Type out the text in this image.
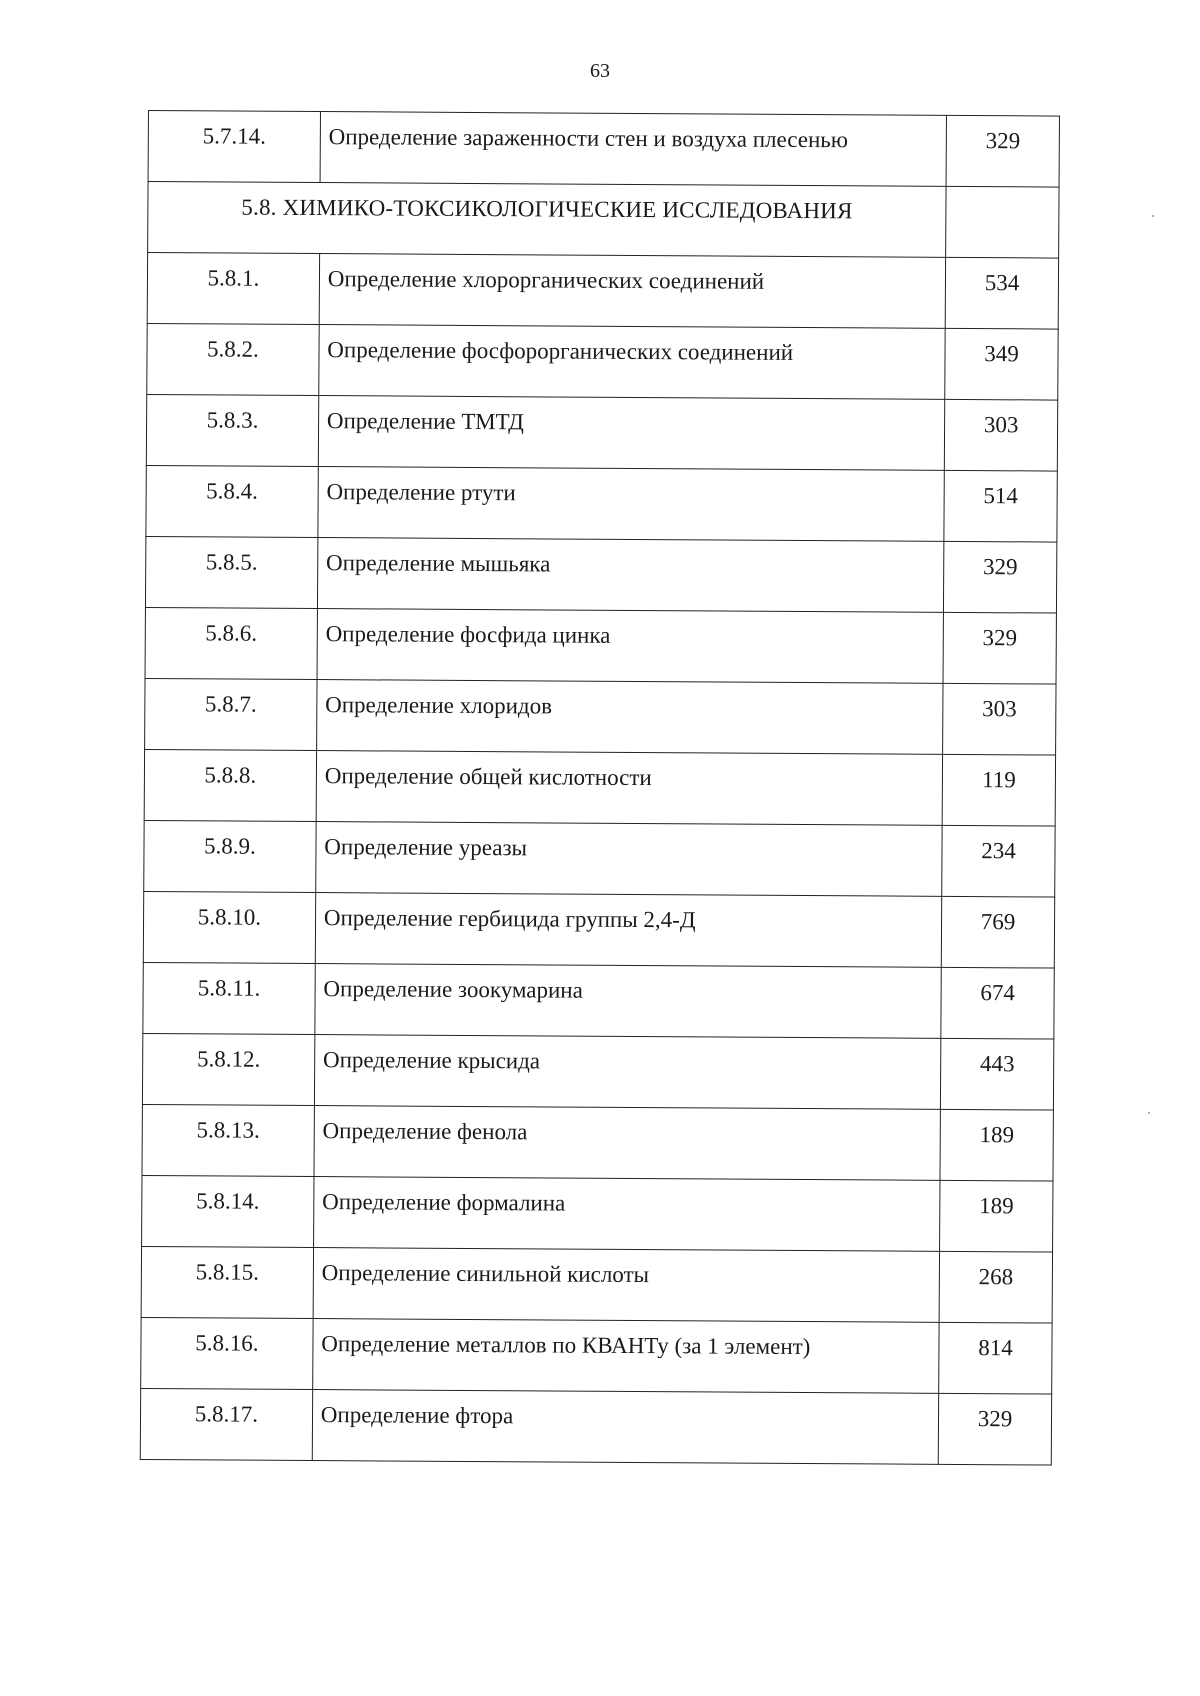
63
5.7.14.	Определение зараженности стен и воздуха плесенью	329
5.8. ХИМИКО-ТОКСИКОЛОГИЧЕСКИЕ ИССЛЕДОВАНИЯ		
5.8.1.	Определение хлорорганических соединений	534
5.8.2.	Определение фосфорорганических соединений	349
5.8.3.	Определение ТМТД	303
5.8.4.	Определение ртути	514
5.8.5.	Определение мышьяка	329
5.8.6.	Определение фосфида цинка	329
5.8.7.	Определение хлоридов	303
5.8.8.	Определение общей кислотности	119
5.8.9.	Определение уреазы	234
5.8.10.	Определение гербицида группы 2,4-Д	769
5.8.11.	Определение зоокумарина	674
5.8.12.	Определение крысида	443
5.8.13.	Определение фенола	189
5.8.14.	Определение формалина	189
5.8.15.	Определение синильной кислоты	268
5.8.16.	Определение металлов по КВАНТу (за 1 элемент)	814
5.8.17.	Определение фтора	329
